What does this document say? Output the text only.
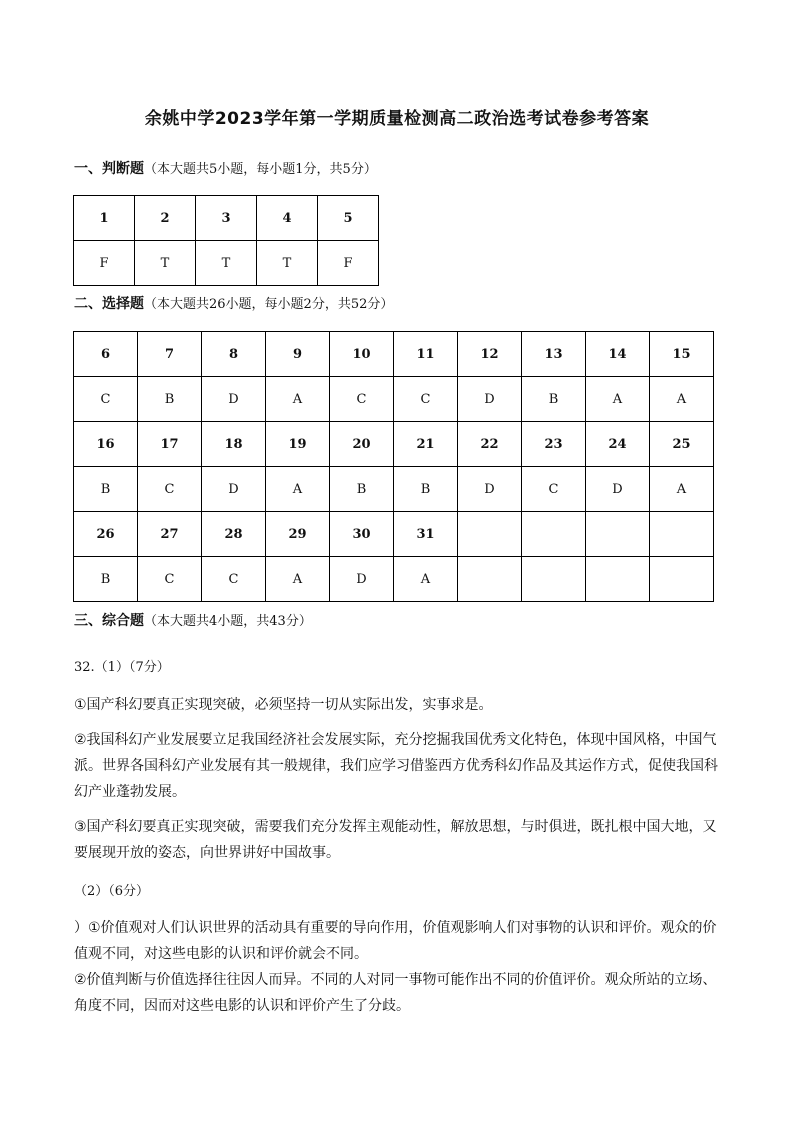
余姚中学2023学年第一学期质量检测高二政治选考试卷参考答案
一、判断题（本大题共5小题，每小题1分，共5分）
1	2	3	4	5
F	T	T	T	F
二、选择题（本大题共26小题，每小题2分，共52分）
6	7	8	9	10	11	12	13	14	15
C	B	D	A	C	C	D	B	A	A
16	17	18	19	20	21	22	23	24	25
B	C	D	A	B	B	D	C	D	A
26	27	28	29	30	31				
B	C	C	A	D	A				
三、综合题（本大题共4小题，共43分）
32.（1）（7分）

①国产科幻要真正实现突破，必须坚持一切从实际出发，实事求是。

②我国科幻产业发展要立足我国经济社会发展实际，充分挖掘我国优秀文化特色，体现中国风格，中国气派。世界各国科幻产业发展有其一般规律，我们应学习借鉴西方优秀科幻作品及其运作方式，促使我国科幻产业蓬勃发展。

③国产科幻要真正实现突破，需要我们充分发挥主观能动性，解放思想，与时俱进，既扎根中国大地，又要展现开放的姿态，向世界讲好中国故事。

（2）（6分）

）①价值观对人们认识世界的活动具有重要的导向作用，价值观影响人们对事物的认识和评价。观众的价值观不同，对这些电影的认识和评价就会不同。

②价值判断与价值选择往往因人而异。不同的人对同一事物可能作出不同的价值评价。观众所站的立场、角度不同，因而对这些电影的认识和评价产生了分歧。
